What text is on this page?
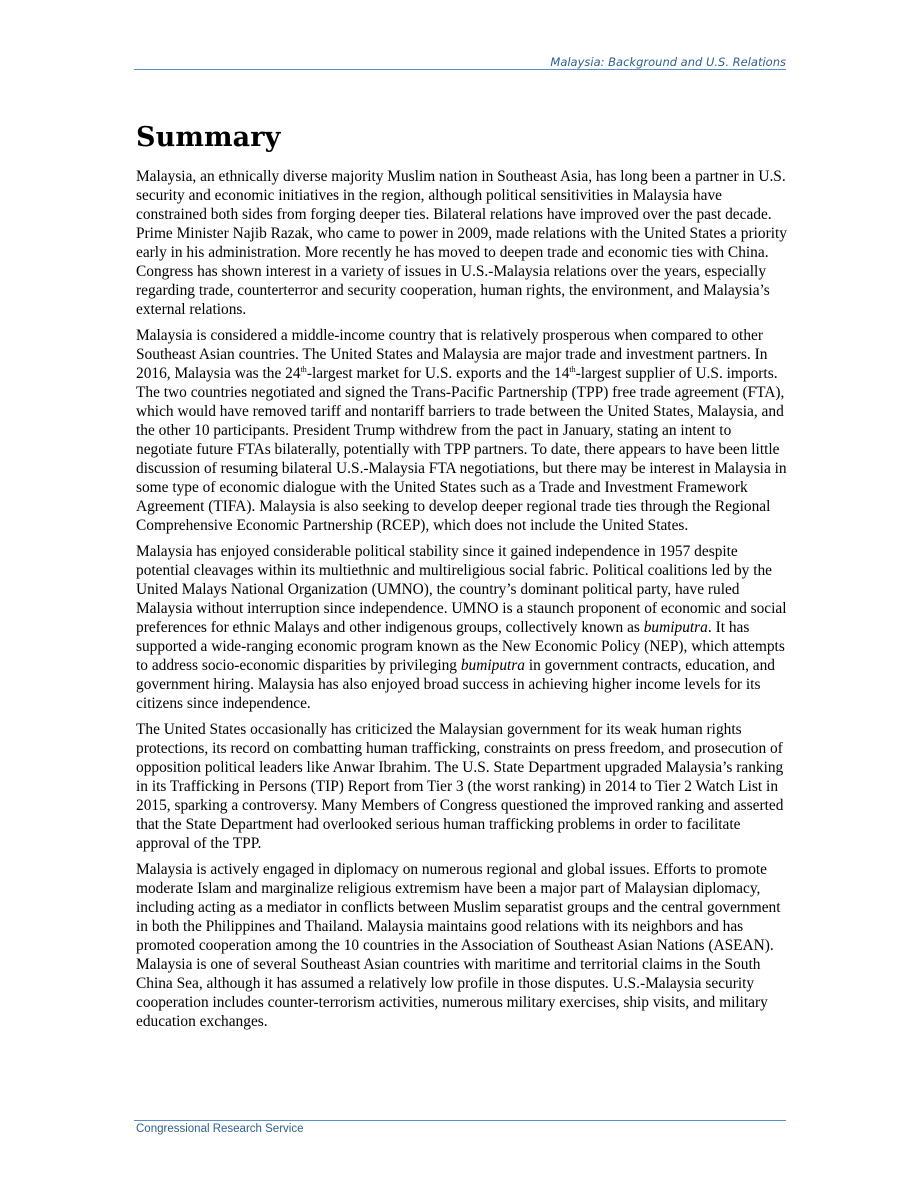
Malaysia: Background and U.S. Relations
Summary

Malaysia, an ethnically diverse majority Muslim nation in Southeast Asia, has long been a partner in U.S. security and economic initiatives in the region, although political sensitivities in Malaysia have constrained both sides from forging deeper ties. Bilateral relations have improved over the past decade. Prime Minister Najib Razak, who came to power in 2009, made relations with the United States a priority early in his administration. More recently he has moved to deepen trade and economic ties with China. Congress has shown interest in a variety of issues in U.S.-Malaysia relations over the years, especially regarding trade, counterterror and security cooperation, human rights, the environment, and Malaysia’s external relations.

Malaysia is considered a middle-income country that is relatively prosperous when compared to other Southeast Asian countries. The United States and Malaysia are major trade and investment partners. In 2016, Malaysia was the 24th-largest market for U.S. exports and the 14th-largest supplier of U.S. imports. The two countries negotiated and signed the Trans-Pacific Partnership (TPP) free trade agreement (FTA), which would have removed tariff and nontariff barriers to trade between the United States, Malaysia, and the other 10 participants. President Trump withdrew from the pact in January, stating an intent to negotiate future FTAs bilaterally, potentially with TPP partners. To date, there appears to have been little discussion of resuming bilateral U.S.-Malaysia FTA negotiations, but there may be interest in Malaysia in some type of economic dialogue with the United States such as a Trade and Investment Framework Agreement (TIFA). Malaysia is also seeking to develop deeper regional trade ties through the Regional Comprehensive Economic Partnership (RCEP), which does not include the United States.

Malaysia has enjoyed considerable political stability since it gained independence in 1957 despite potential cleavages within its multiethnic and multireligious social fabric. Political coalitions led by the United Malays National Organization (UMNO), the country’s dominant political party, have ruled Malaysia without interruption since independence. UMNO is a staunch proponent of economic and social preferences for ethnic Malays and other indigenous groups, collectively known as bumiputra. It has supported a wide-ranging economic program known as the New Economic Policy (NEP), which attempts to address socio-economic disparities by privileging bumiputra in government contracts, education, and government hiring. Malaysia has also enjoyed broad success in achieving higher income levels for its citizens since independence.

The United States occasionally has criticized the Malaysian government for its weak human rights protections, its record on combatting human trafficking, constraints on press freedom, and prosecution of opposition political leaders like Anwar Ibrahim. The U.S. State Department upgraded Malaysia’s ranking in its Trafficking in Persons (TIP) Report from Tier 3 (the worst ranking) in 2014 to Tier 2 Watch List in 2015, sparking a controversy. Many Members of Congress questioned the improved ranking and asserted that the State Department had overlooked serious human trafficking problems in order to facilitate approval of the TPP.

Malaysia is actively engaged in diplomacy on numerous regional and global issues. Efforts to promote moderate Islam and marginalize religious extremism have been a major part of Malaysian diplomacy, including acting as a mediator in conflicts between Muslim separatist groups and the central government in both the Philippines and Thailand. Malaysia maintains good relations with its neighbors and has promoted cooperation among the 10 countries in the Association of Southeast Asian Nations (ASEAN). Malaysia is one of several Southeast Asian countries with maritime and territorial claims in the South China Sea, although it has assumed a relatively low profile in those disputes. U.S.-Malaysia security cooperation includes counter-terrorism activities, numerous military exercises, ship visits, and military education exchanges.

Congressional Research Service
